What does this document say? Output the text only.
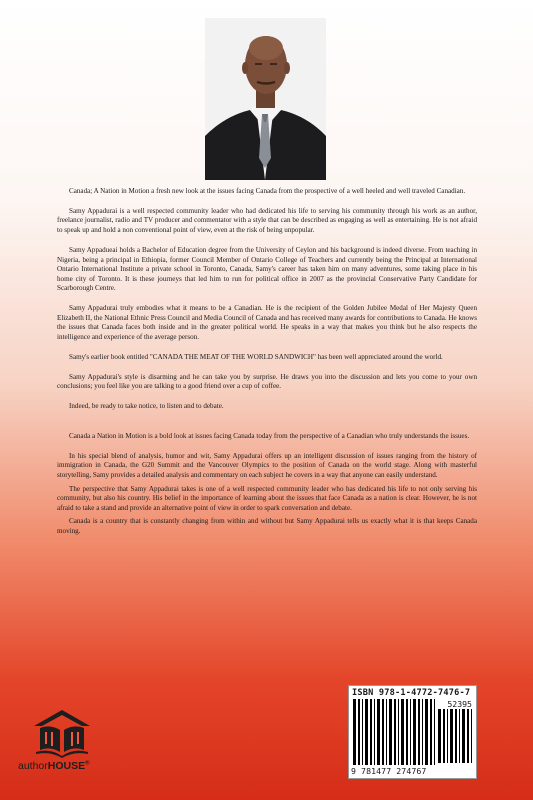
Canada; A Nation in Motion a fresh new look at the issues facing Canada from the prospective of a well heeled and well traveled Canadian.

Samy Appadurai is a well respected community leader who had dedicated his life to serving his community through his work as an author, freelance journalist, radio and TV producer and commentator with a style that can be described as engaging as well as entertaining. He is not afraid to speak up and hold a non conventional point of view, even at the risk of being unpopular.

Samy Appadueai holds a Bachelor of Education degree from the University of Ceylon and his background is indeed diverse. From teaching in Nigeria, being a principal in Ethiopia, former Council Member of Ontario College of Teachers and currently being the Principal at International Ontario International Institute a private school in Toronto, Canada, Samy's career has taken him on many adventures, some taking place in his home city of Toronto. It is these journeys that led him to run for political office in 2007 as the provincial Conservative Party Candidate for Scarborough Centre.

Samy Appadurai truly embodies what it means to be a Canadian. He is the recipient of the Golden Jubilee Medal of Her Majesty Queen Elizabeth II, the National Ethnic Press Council and Media Council of Canada and has received many awards for contributions to Canada. He knows the issues that Canada faces both inside and in the greater political world. He speaks in a way that makes you think but he also respects the intelligence and experience of the average person.

Samy's earlier book entitled "CANADA THE MEAT OF THE WORLD SANDWICH" has been well appreciated around the world.

Samy Appadurai's style is disarming and he can take you by surprise. He draws you into the discussion and lets you come to your own conclusions; you feel like you are talking to a good friend over a cup of coffee.

Indeed, be ready to take notice, to listen and to debate.

Canada a Nation in Motion is a bold look at issues facing Canada today from the perspective of a Canadian who truly understands the issues.

In his special blend of analysis, humor and wit, Samy Appadurai offers up an intelligent discussion of issues ranging from the history of immigration in Canada, the G20 Summit and the Vancouver Olympics to the position of Canada on the world stage. Along with masterful storytelling, Samy provides a detailed analysis and commentary on each subject he covers in a way that anyone can easily understand.

The perspective that Samy Appadurai takes is one of a well respected community leader who has dedicated his life to not only serving his community, but also his country. His belief in the importance of learning about the issues that face Canada as a nation is clear. However, he is not afraid to take a stand and provide an alternative point of view in order to spark conversation and debate.

Canada is a country that is constantly changing from within and without but Samy Appadurai tells us exactly what it is that keeps Canada moving.

authorHOUSE®
ISBN 978-1-4772-7476-7
52395
9 781477 274767
